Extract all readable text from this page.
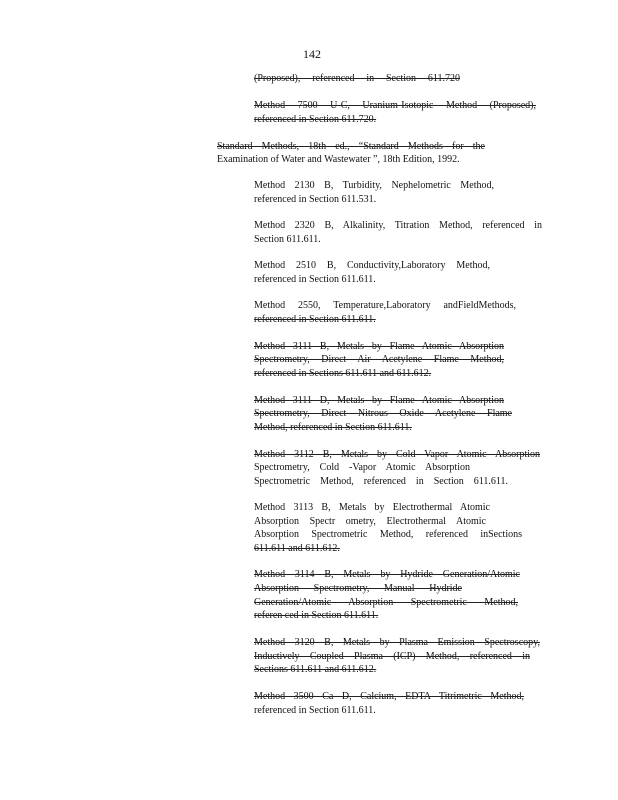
142

(Proposed), referenced in Section 611.720

Method 7500 U-C, Uranium-Isotopic Method (Proposed),

referenced in Section 611.720.

Standard Methods, 18th ed., “Standard Methods for the

Examination of Water and Wastewater ”, 18th Edition, 1992.

Method 2130 B, Turbidity, Nephelometric Method,

referenced in Section 611.531.

Method 2320 B, Alkalinity, Titration Method, referenced in

Section 611.611.

Method 2510 B, Conductivity,Laboratory Method,

referenced in Section 611.611.

Method 2550, Temperature,Laboratory andFieldMethods,

referenced in Section 611.611.

Method 3111 B, Metals by Flame Atomic Absorption

Spectrometry, Direct Air Acetylene Flame Method,

referenced in Sections 611.611 and 611.612.

Method 3111 D, Metals by Flame Atomic Absorption

Spectrometry, Direct Nitrous Oxide Acetylene Flame

Method, referenced in Section 611.611.

Method 3112 B, Metals by Cold Vapor Atomic Absorption

Spectrometry, Cold -Vapor Atomic Absorption

Spectrometric Method, referenced in Section 611.611.

Method 3113 B, Metals by Electrothermal Atomic

Absorption Spectr ometry, Electrothermal Atomic

Absorption Spectrometric Method, referenced inSections

611.611 and 611.612.

Method 3114 B, Metals by Hydride Generation/Atomic

Absorption Spectrometry, Manual Hydride

Generation/Atomic Absorption Spectrometric Method,

referen ced in Section 611.611.

Method 3120 B, Metals by Plasma Emission Spectroscopy,

Inductively Coupled Plasma (ICP) Method, referenced in

Sections 611.611 and 611.612.

Method 3500 Ca D, Calcium, EDTA Titrimetric Method,

referenced in Section 611.611.
